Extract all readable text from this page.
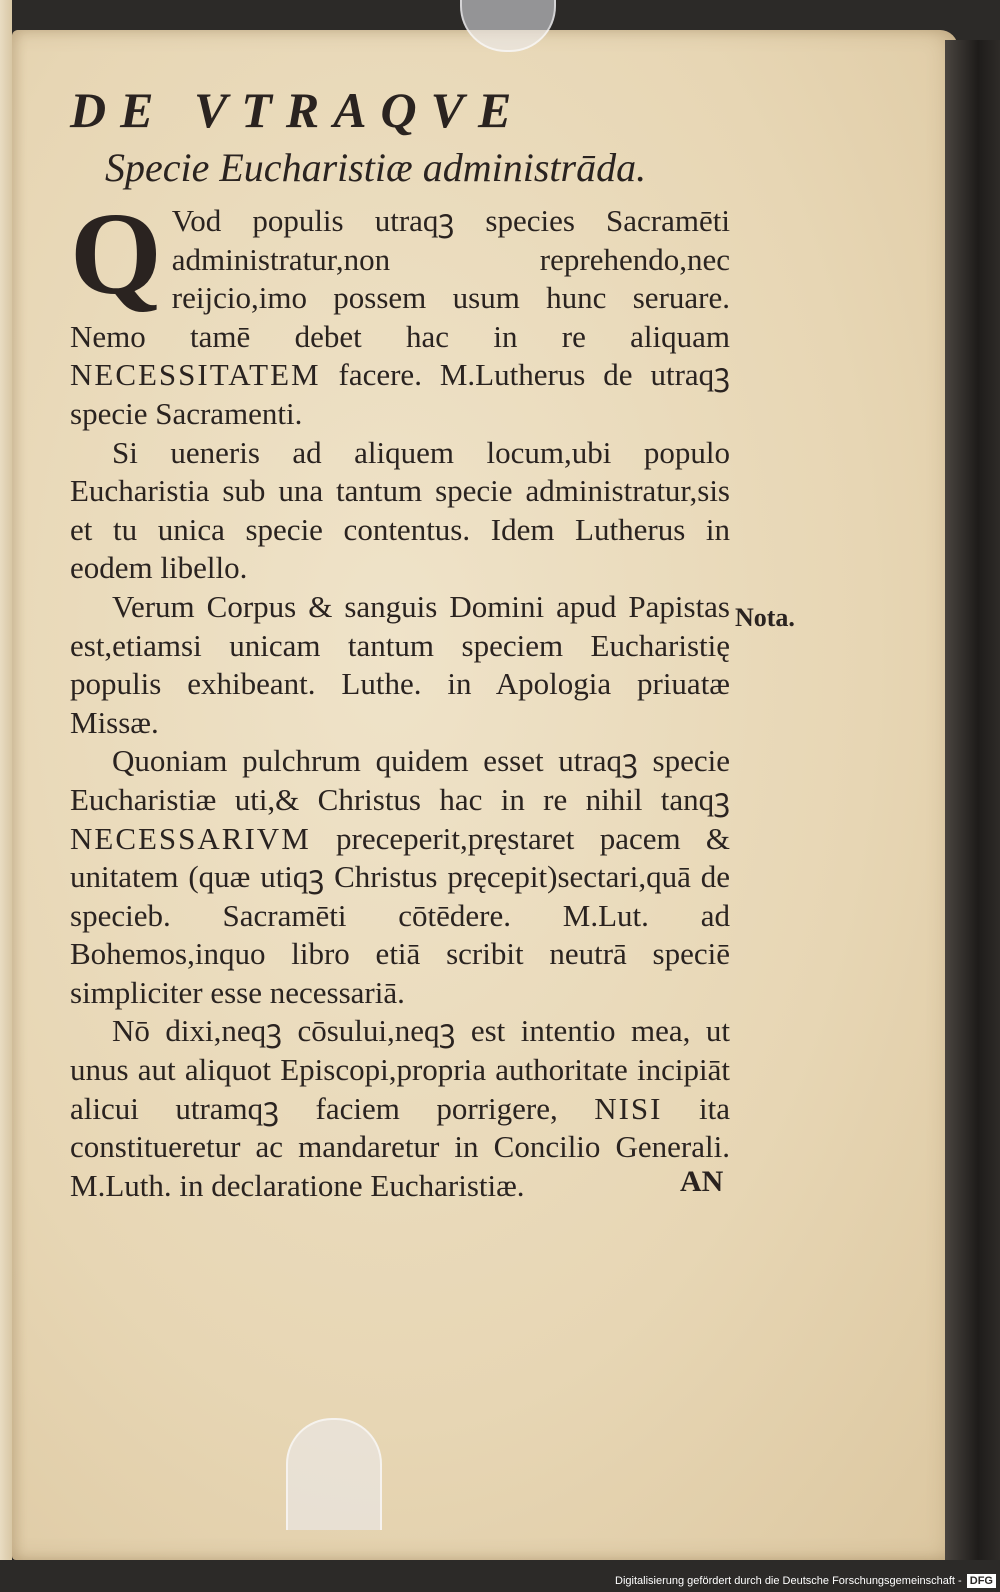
DE VTRAQVE

Specie Eucharistiæ administrāda.

Q Vod populis utraqꝫ species Sacramēti administratur,non reprehendo,nec reijcio,imo possem usum hunc seruare. Nemo tamē debet hac in re aliquam NECESSITATEM facere. M.Lutherus de utraqꝫ specie Sacramenti.

Si ueneris ad aliquem locum,ubi populo Eucharistia sub una tantum specie administratur,sis et tu unica specie contentus. Idem Lutherus in eodem libello.

Verum Corpus & sanguis Domini apud Papistas est,etiamsi unicam tantum speciem Eucharistię populis exhibeant. Luthe. in Apologia priuatæ Missæ.

Quoniam pulchrum quidem esset utraqꝫ specie Eucharistiæ uti,& Christus hac in re nihil tanqꝫ NECESSARIVM preceperit,pręstaret pacem & unitatem (quæ utiqꝫ Christus pręcepit)sectari,quā de specieb. Sacramēti cōtēdere. M.Lut. ad Bohemos,inquo libro etiā scribit neutrā speciē simpliciter esse necessariā.

Nō dixi,neqꝫ cōsului,neqꝫ est intentio mea, ut unus aut aliquot Episcopi,propria authoritate incipiāt alicui utramqꝫ faciem porrigere, NISI ita constitueretur ac mandaretur in Concilio Generali. M.Luth. in declaratione Eucharistiæ.

Nota.

AN

Digitalisierung gefördert durch die Deutsche Forschungsgemeinschaft - DFG
